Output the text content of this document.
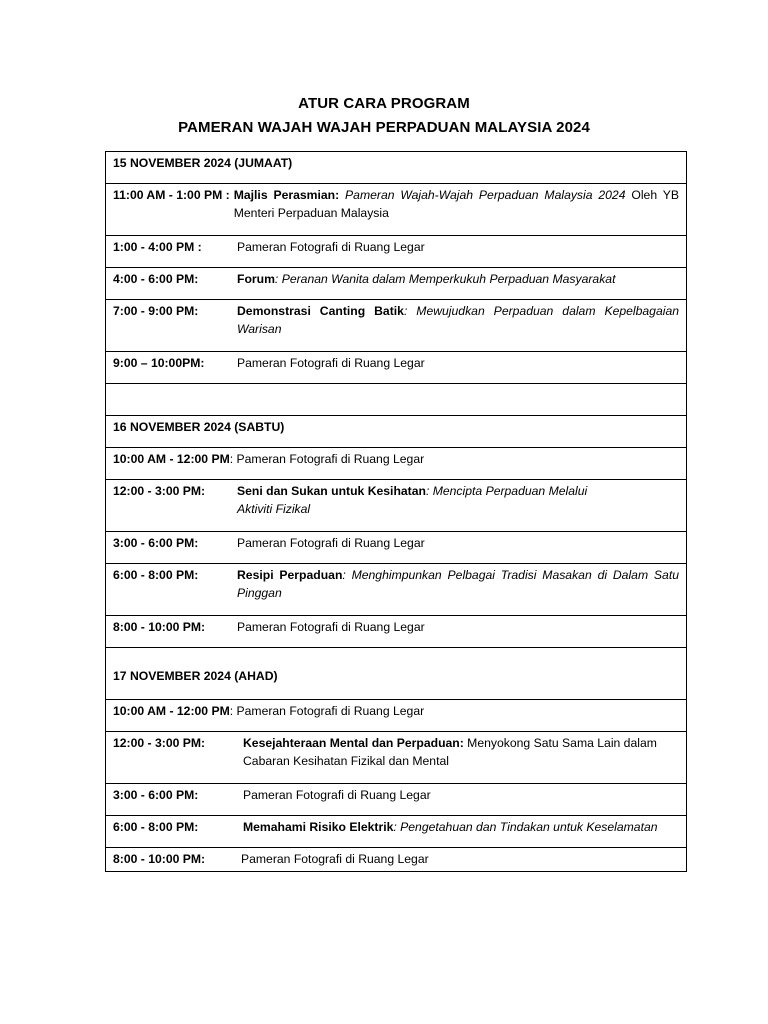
ATUR CARA PROGRAM
PAMERAN WAJAH WAJAH PERPADUAN MALAYSIA 2024
15 NOVEMBER 2024 (JUMAAT)

11:00 AM - 1:00 PM : Majlis Perasmian: Pameran Wajah-Wajah Perpaduan Malaysia 2024 Oleh YB Menteri Perpaduan Malaysia

1:00 - 4:00 PM :	Pameran Fotografi di Ruang Legar

4:00 - 6:00 PM:	Forum: Peranan Wanita dalam Memperkukuh Perpaduan Masyarakat

7:00 - 9:00 PM:	Demonstrasi Canting Batik: Mewujudkan Perpaduan dalam Kepelbagaian Warisan

9:00 – 10:00PM:	Pameran Fotografi di Ruang Legar

16 NOVEMBER 2024 (SABTU)

10:00 AM - 12:00 PM : Pameran Fotografi di Ruang Legar

12:00 - 3:00 PM:	Seni dan Sukan untuk Kesihatan: Mencipta Perpaduan Melalui Aktiviti Fizikal

3:00 - 6:00 PM:	Pameran Fotografi di Ruang Legar

6:00 - 8:00 PM:	Resipi Perpaduan: Menghimpunkan Pelbagai Tradisi Masakan di Dalam Satu Pinggan

8:00 - 10:00 PM:	Pameran Fotografi di Ruang Legar

17 NOVEMBER 2024 (AHAD)

10:00 AM - 12:00 PM : Pameran Fotografi di Ruang Legar

12:00 - 3:00 PM:	Kesejahteraan Mental dan Perpaduan: Menyokong Satu Sama Lain dalam Cabaran Kesihatan Fizikal dan Mental

3:00 - 6:00 PM:	Pameran Fotografi di Ruang Legar

6:00 - 8:00 PM:	Memahami Risiko Elektrik: Pengetahuan dan Tindakan untuk Keselamatan

8:00 - 10:00 PM:	Pameran Fotografi di Ruang Legar
